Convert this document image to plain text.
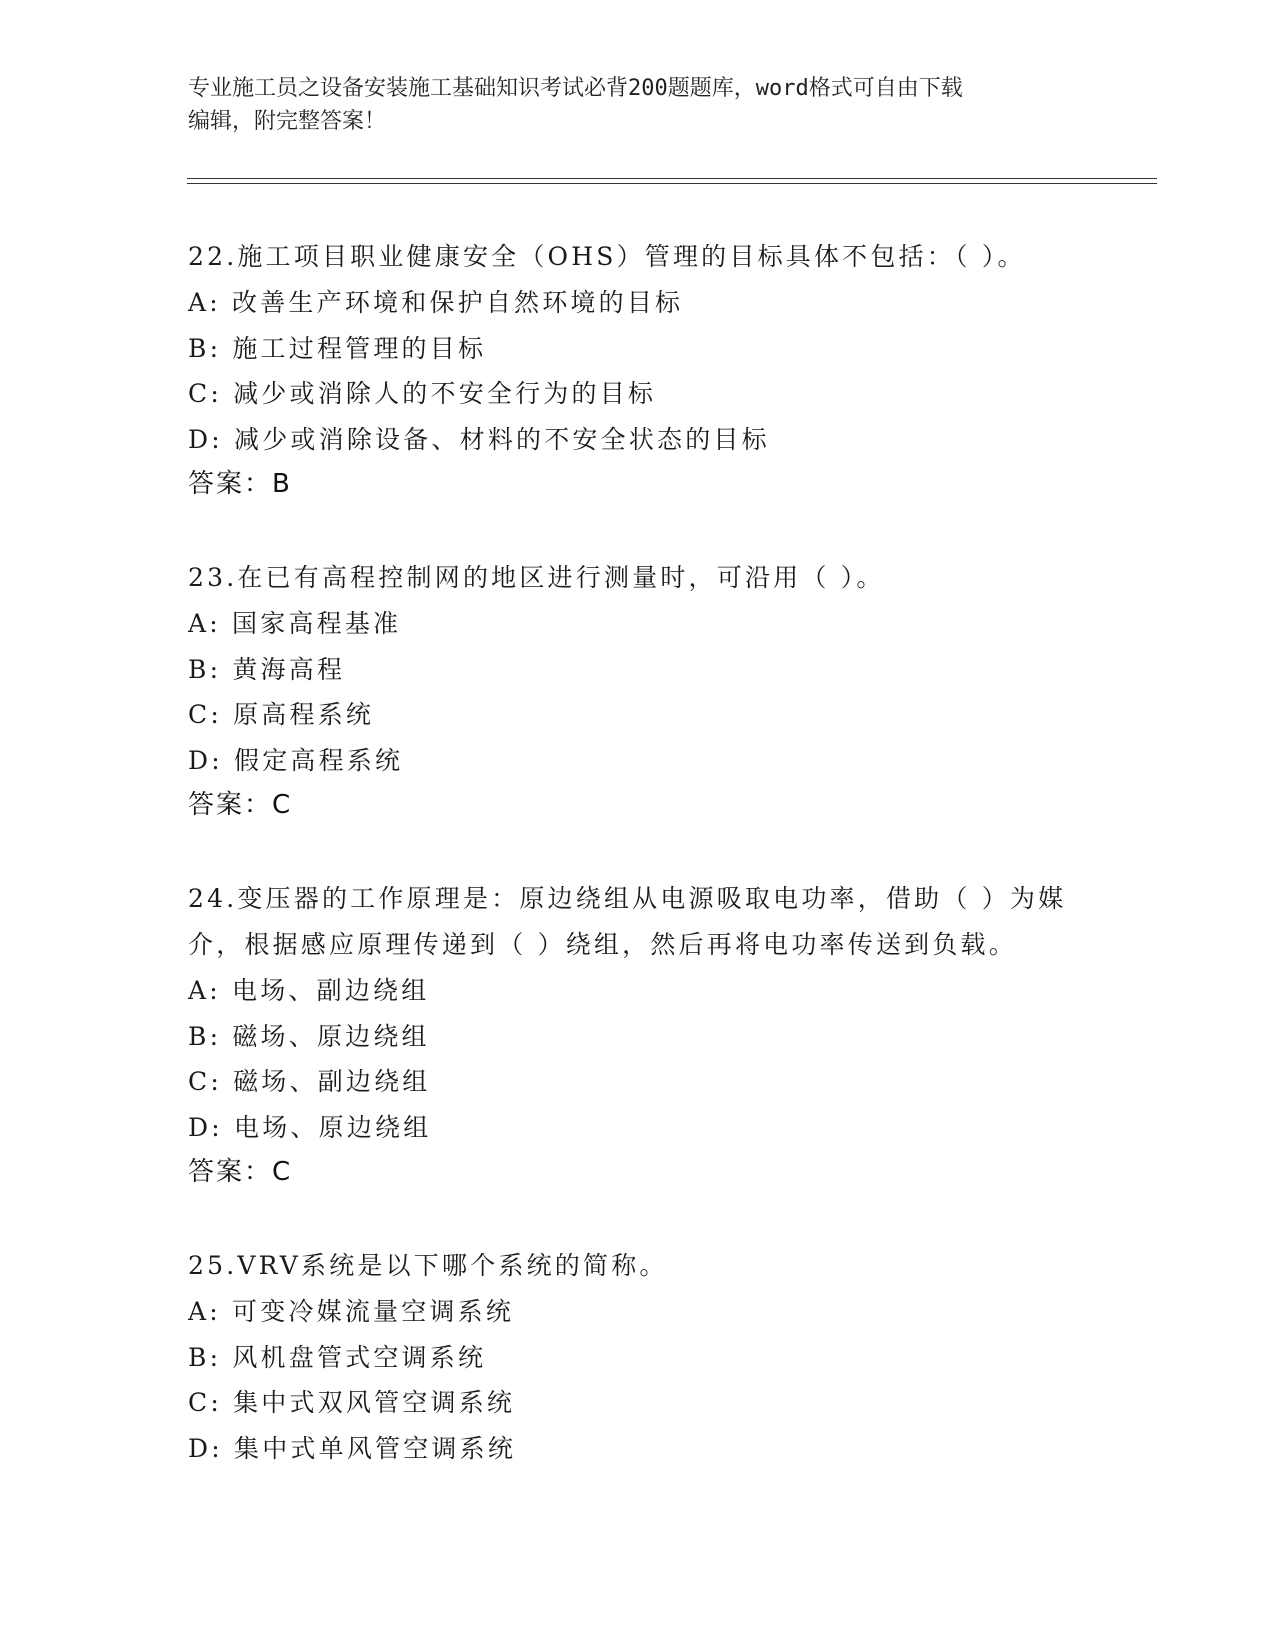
专业施工员之设备安装施工基础知识考试必背200题题库，word格式可自由下载
编辑，附完整答案！
22.施工项目职业健康安全（OHS）管理的目标具体不包括：（ ）。
A: 改善生产环境和保护自然环境的目标
B: 施工过程管理的目标
C: 减少或消除人的不安全行为的目标
D: 减少或消除设备、材料的不安全状态的目标
答案：B
23.在已有高程控制网的地区进行测量时，可沿用（ ）。
A: 国家高程基准
B: 黄海高程
C: 原高程系统
D: 假定高程系统
答案：C
24.变压器的工作原理是：原边绕组从电源吸取电功率，借助（ ）为媒介，根据感应原理传递到（ ）绕组，然后再将电功率传送到负载。
A: 电场、副边绕组
B: 磁场、原边绕组
C: 磁场、副边绕组
D: 电场、原边绕组
答案：C
25.VRV系统是以下哪个系统的简称。
A: 可变冷媒流量空调系统
B: 风机盘管式空调系统
C: 集中式双风管空调系统
D: 集中式单风管空调系统
